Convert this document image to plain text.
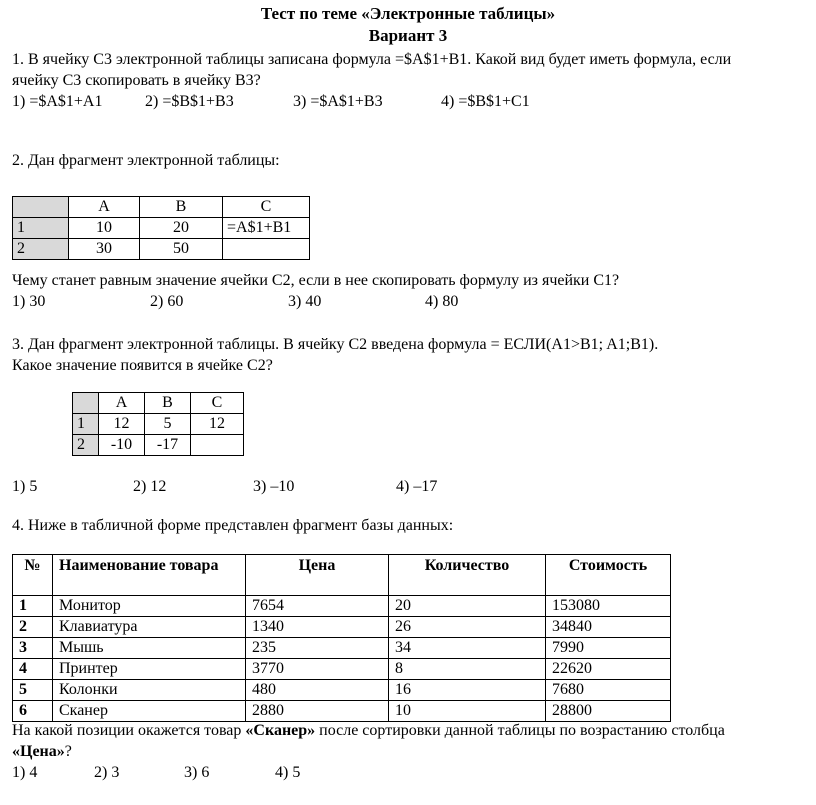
Тест по теме «Электронные таблицы»
Вариант 3
1. В ячейку С3 электронной таблицы записана формула =$A$1+B1. Какой вид будет иметь формула, если
ячейку С3 скопировать в ячейку В3?
1) =$A$1+A1	2) =$B$1+B3	3) =$A$1+B3	4) =$B$1+C1
2. Дан фрагмент электронной таблицы:
	A	B	C
1	10	20	=A$1+B1
2	30	50	
Чему станет равным значение ячейки С2, если в нее скопировать формулу из ячейки С1?
1) 30	2) 60	3) 40	4) 80
3. Дан фрагмент электронной таблицы. В ячейку С2 введена формула = ЕСЛИ(A1>B1; A1;B1).
Какое значение появится в ячейке С2?
	A	B	C
1	12	5	12
2	-10	-17	
1) 5	2) 12	3) –10	4) –17
4. Ниже в табличной форме представлен фрагмент базы данных:
№	Наименование товара	Цена	Количество	Стоимость
1	Монитор	7654	20	153080
2	Клавиатура	1340	26	34840
3	Мышь	235	34	7990
4	Принтер	3770	8	22620
5	Колонки	480	16	7680
6	Сканер	2880	10	28800
На какой позиции окажется товар «Сканер» после сортировки данной таблицы по возрастанию столбца
«Цена»?
1) 4	2) 3	3) 6	4) 5
